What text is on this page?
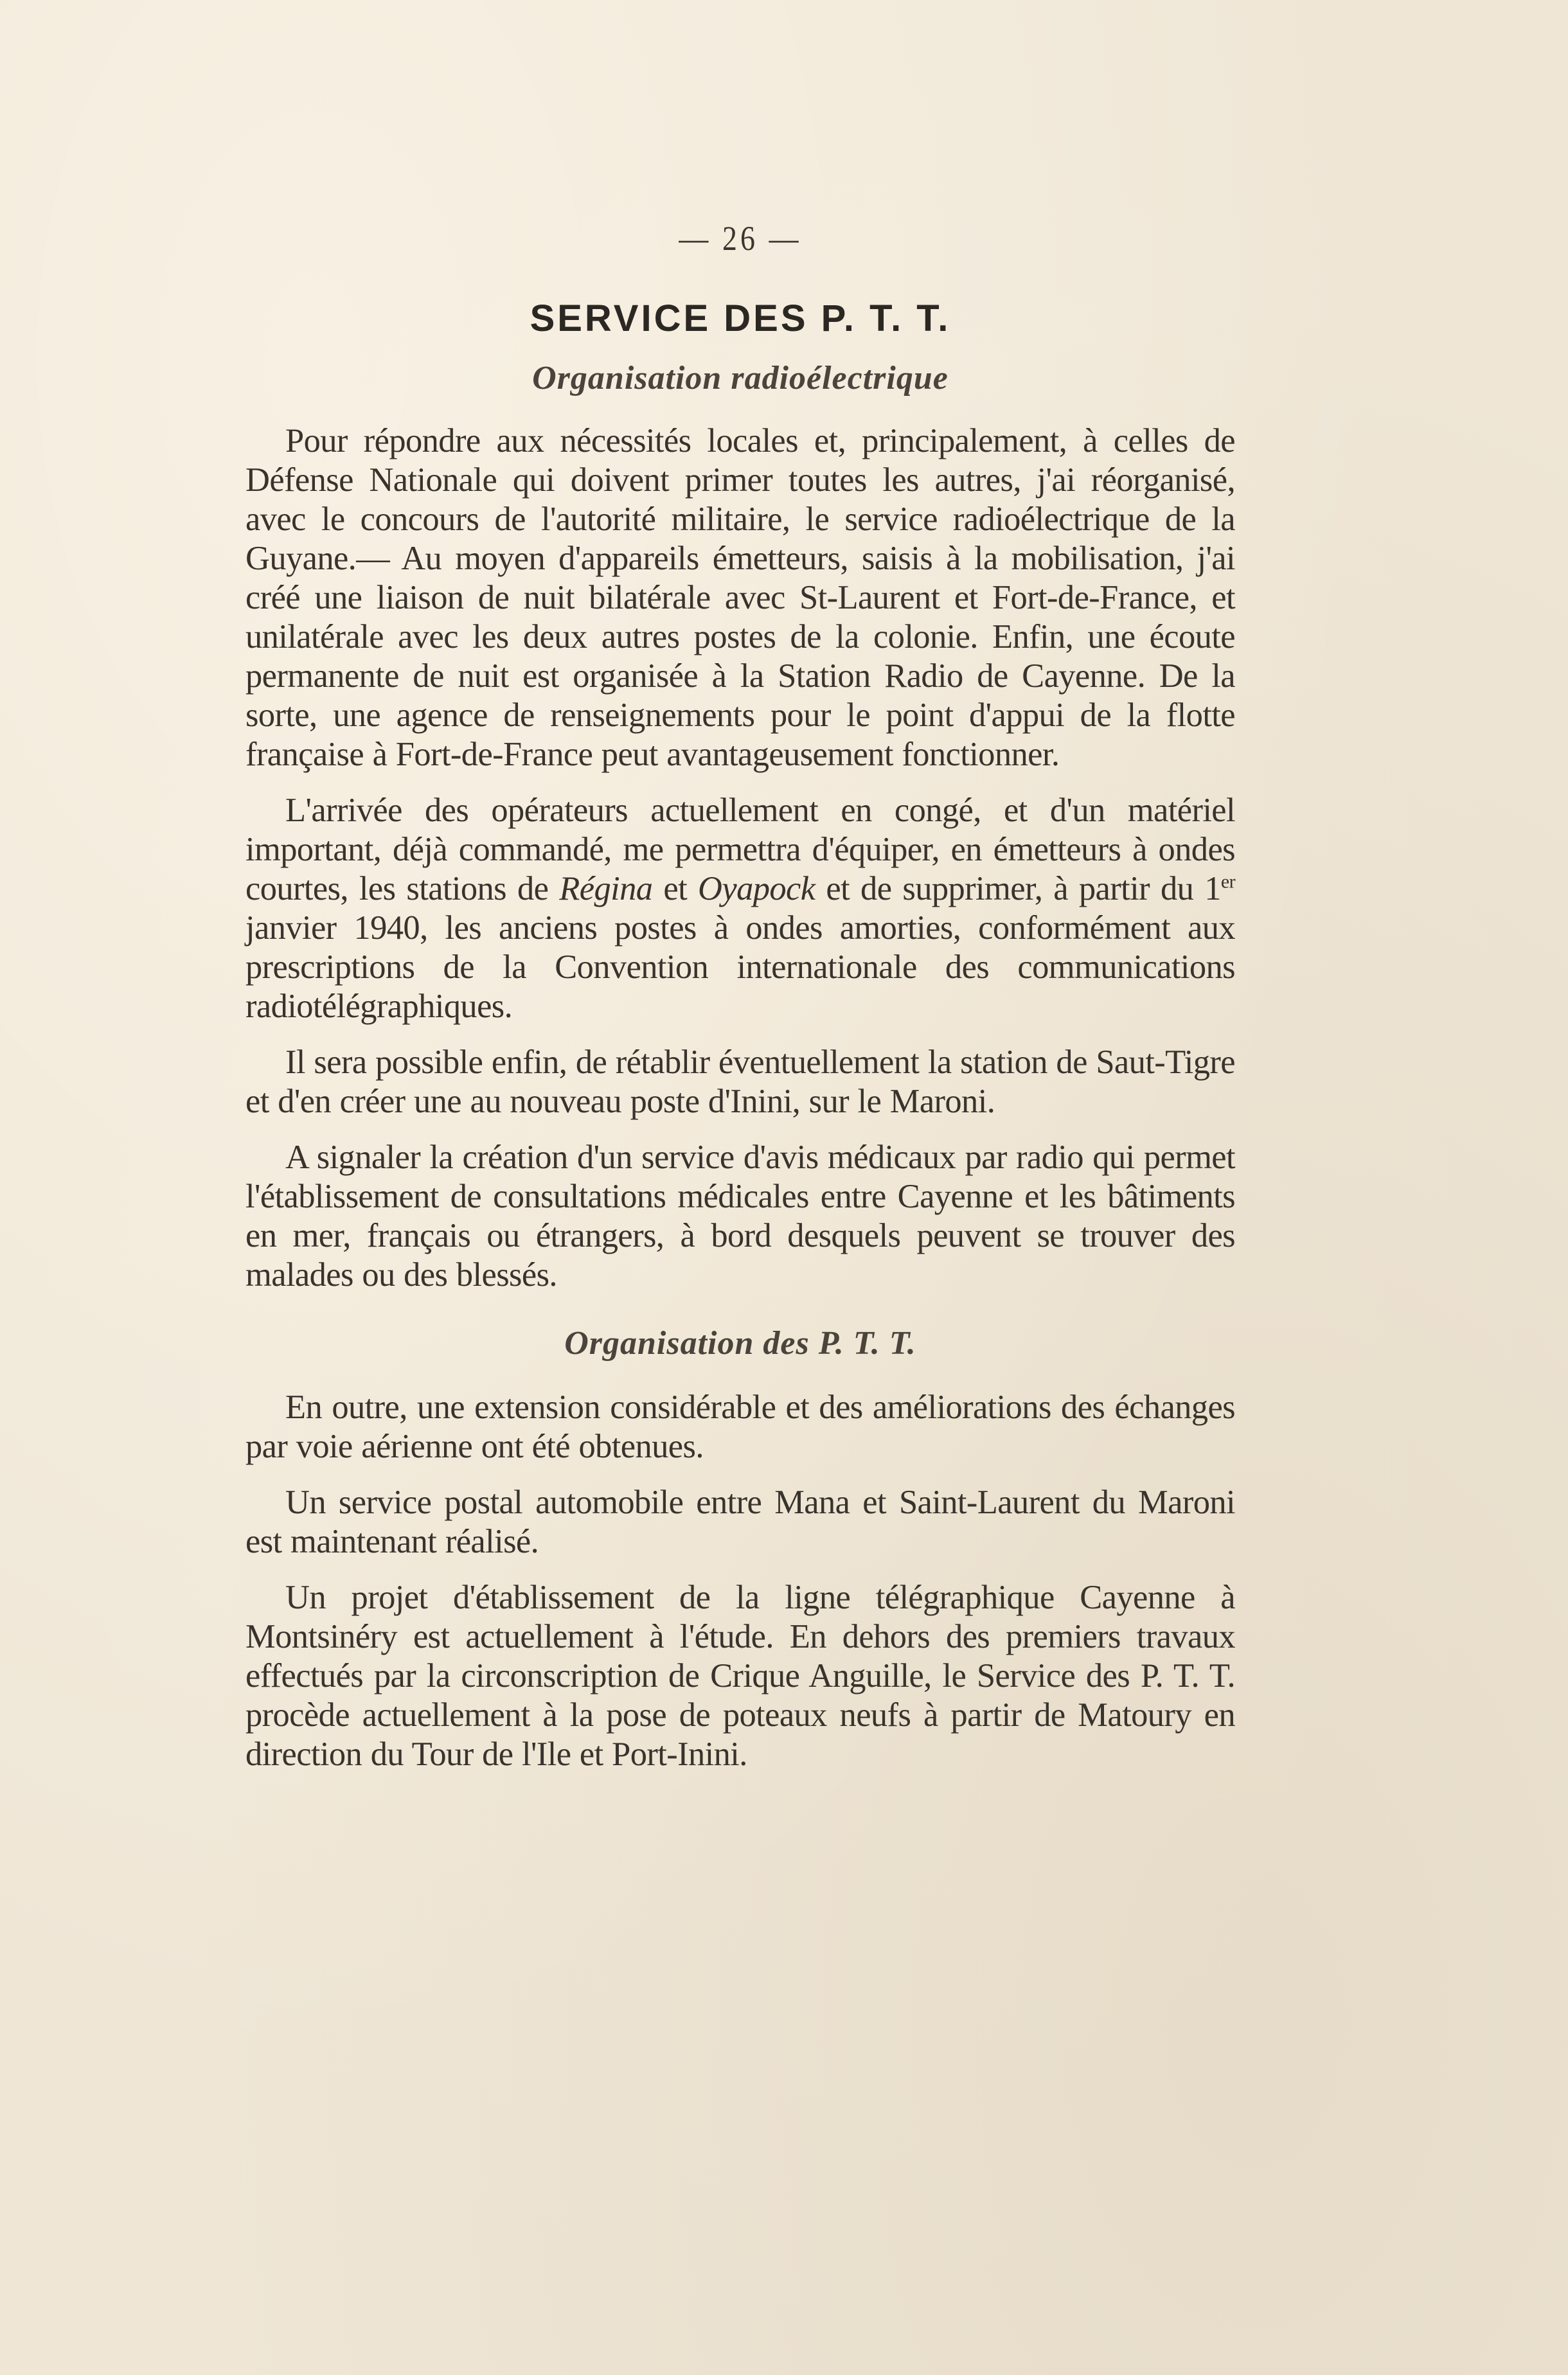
— 26 —
SERVICE DES P. T. T.
Organisation radioélectrique

Pour répondre aux nécessités locales et, principalement, à celles de Défense Nationale qui doivent primer toutes les autres, j'ai réorganisé, avec le concours de l'autorité militaire, le service radioélectrique de la Guyane.— Au moyen d'appareils émetteurs, saisis à la mobilisation, j'ai créé une liaison de nuit bilatérale avec St-Laurent et Fort-de-France, et unilatérale avec les deux autres postes de la colonie. Enfin, une écoute permanente de nuit est organisée à la Station Radio de Cayenne. De la sorte, une agence de renseignements pour le point d'appui de la flotte française à Fort-de-France peut avantageusement fonctionner.

L'arrivée des opérateurs actuellement en congé, et d'un matériel important, déjà commandé, me permettra d'équiper, en émetteurs à ondes courtes, les stations de Régina et Oyapock et de supprimer, à partir du 1er janvier 1940, les anciens postes à ondes amorties, conformément aux prescriptions de la Convention internationale des communications radiotélégraphiques.

Il sera possible enfin, de rétablir éventuellement la station de Saut-Tigre et d'en créer une au nouveau poste d'Inini, sur le Maroni.

A signaler la création d'un service d'avis médicaux par radio qui permet l'établissement de consultations médicales entre Cayenne et les bâtiments en mer, français ou étrangers, à bord desquels peuvent se trouver des malades ou des blessés.

Organisation des P. T. T.

En outre, une extension considérable et des améliorations des échanges par voie aérienne ont été obtenues.

Un service postal automobile entre Mana et Saint-Laurent du Maroni est maintenant réalisé.

Un projet d'établissement de la ligne télégraphique Cayenne à Montsinéry est actuellement à l'étude. En dehors des premiers travaux effectués par la circonscription de Crique Anguille, le Service des P. T. T. procède actuellement à la pose de poteaux neufs à partir de Matoury en direction du Tour de l'Ile et Port-Inini.
